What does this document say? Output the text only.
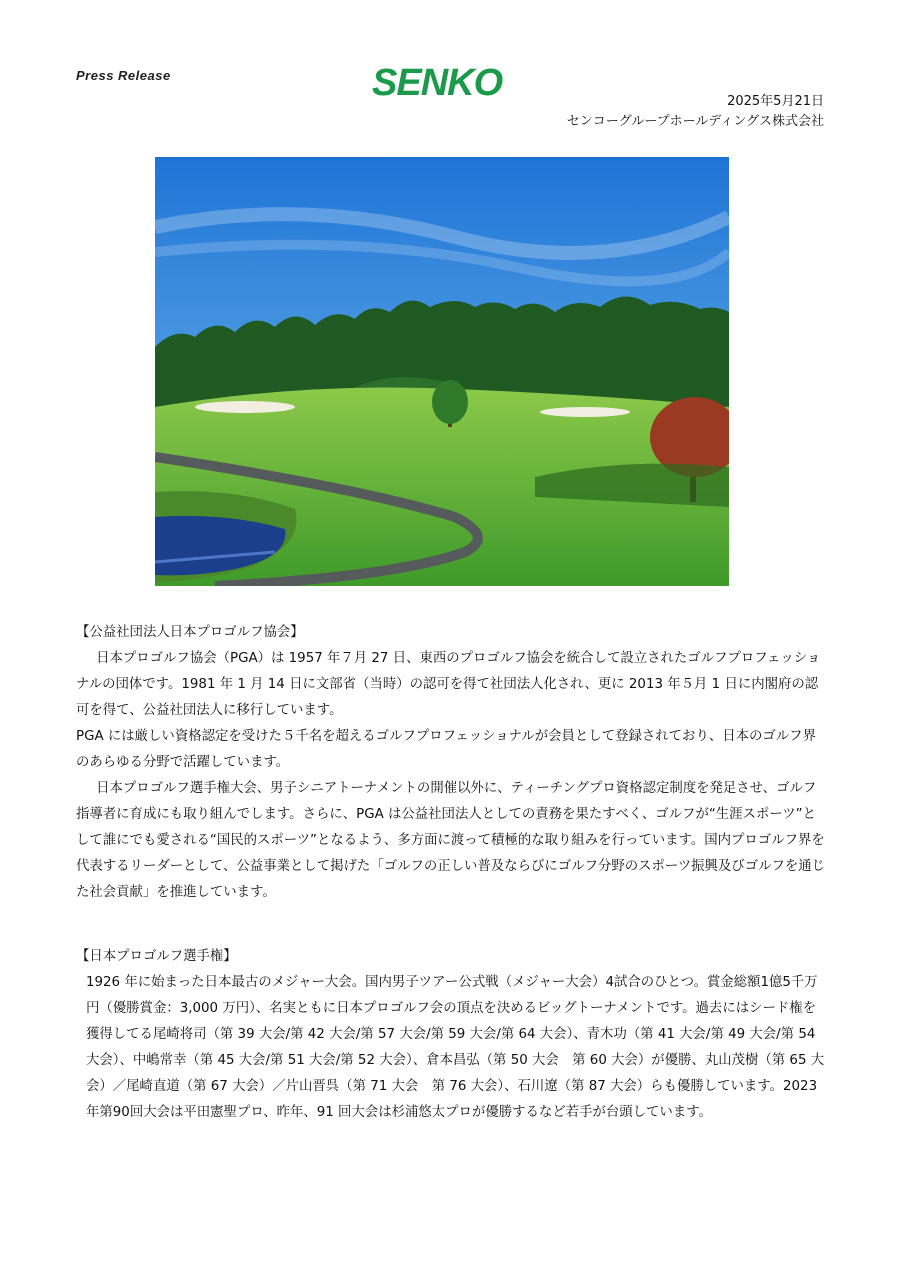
Press Release	SENKO	2025年5月21日
センコーグループホールディングス株式会社

【公益社団法人日本プロゴルフ協会】

日本プロゴルフ協会（PGA）は 1957 年７月 27 日、東西のプロゴルフ協会を統合して設立されたゴルフプロフェッショナルの団体です。1981 年 1 月 14 日に文部省（当時）の認可を得て社団法人化され、更に 2013 年５月 1 日に内閣府の認可を得て、公益社団法人に移行しています。

PGA には厳しい資格認定を受けた５千名を超えるゴルフプロフェッショナルが会員として登録されており、日本のゴルフ界のあらゆる分野で活躍しています。

日本プロゴルフ選手権大会、男子シニアトーナメントの開催以外に、ティーチングプロ資格認定制度を発足させ、ゴルフ指導者に育成にも取り組んでします。さらに、PGA は公益社団法人としての責務を果たすべく、ゴルフが“生涯スポーツ”として誰にでも愛される“国民的スポーツ”となるよう、多方面に渡って積極的な取り組みを行っています。国内プロゴルフ界を代表するリーダーとして、公益事業として掲げた「ゴルフの正しい普及ならびにゴルフ分野のスポーツ振興及びゴルフを通じた社会貢献」を推進しています。

【日本プロゴルフ選手権】

1926 年に始まった日本最古のメジャー大会。国内男子ツアー公式戦（メジャー大会）4試合のひとつ。賞金総額1億5千万円（優勝賞金：3,000 万円）、名実ともに日本プロゴルフ会の頂点を決めるビッグトーナメントです。過去にはシード権を獲得してる尾崎将司（第 39 大会/第 42 大会/第 57 大会/第 59 大会/第 64 大会）、青木功（第 41 大会/第 49 大会/第 54 大会）、中嶋常幸（第 45 大会/第 51 大会/第 52 大会）、倉本昌弘（第 50 大会　第 60 大会）が優勝、丸山茂樹（第 65 大会）／尾崎直道（第 67 大会）／片山晋呉（第 71 大会　第 76 大会）、石川遼（第 87 大会）らも優勝しています。2023 年第90回大会は平田憲聖プロ、昨年、91 回大会は杉浦悠太プロが優勝するなど若手が台頭しています。
